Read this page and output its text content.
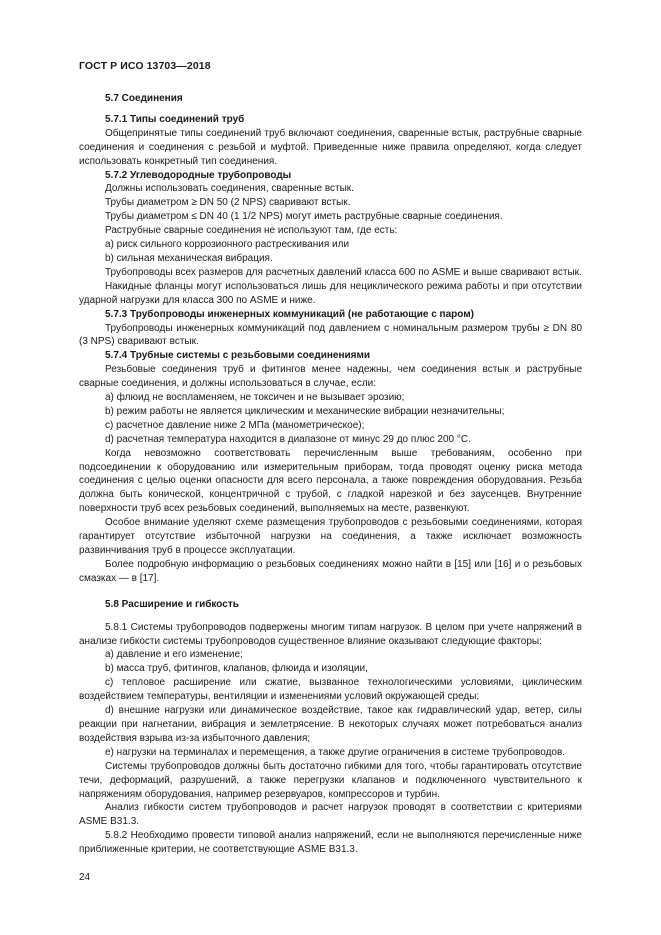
ГОСТ Р ИСО 13703—2018

5.7 Соединения

5.7.1 Типы соединений труб

Общепринятые типы соединений труб включают соединения, сваренные встык, раструбные сварные соединения и соединения с резьбой и муфтой. Приведенные ниже правила определяют, когда следует использовать конкретный тип соединения.

5.7.2 Углеводородные трубопроводы

Должны использовать соединения, сваренные встык.

Трубы диаметром ≥ DN 50 (2 NPS) сваривают встык.

Трубы диаметром ≤ DN 40 (1 1/2 NPS) могут иметь раструбные сварные соединения.

Раструбные сварные соединения не используют там, где есть:

a) риск сильного коррозионного растрескивания или

b) сильная механическая вибрация.

Трубопроводы всех размеров для расчетных давлений класса 600 по ASME и выше сваривают встык.

Накидные фланцы могут использоваться лишь для нециклического режима работы и при отсутствии ударной нагрузки для класса 300 по ASME и ниже.

5.7.3 Трубопроводы инженерных коммуникаций (не работающие с паром)

Трубопроводы инженерных коммуникаций под давлением с номинальным размером трубы ≥ DN 80 (3 NPS) сваривают встык.

5.7.4 Трубные системы с резьбовыми соединениями

Резьбовые соединения труб и фитингов менее надежны, чем соединения встык и раструбные сварные соединения, и должны использоваться в случае, если:

a) флюид не воспламеняем, не токсичен и не вызывает эрозию;

b) режим работы не является циклическим и механические вибрации незначительны;

c) расчетное давление ниже 2 МПа (манометрическое);

d) расчетная температура находится в диапазоне от минус 29 до плюс 200 °С.

Когда невозможно соответствовать перечисленным выше требованиям, особенно при подсоединении к оборудованию или измерительным приборам, тогда проводят оценку риска метода соединения с целью оценки опасности для всего персонала, а также повреждения оборудования. Резьба должна быть конической, концентричной с трубой, с гладкой нарезкой и без заусенцев. Внутренние поверхности труб всех резьбовых соединений, выполняемых на месте, развенкуют.

Особое внимание уделяют схеме размещения трубопроводов с резьбовыми соединениями, которая гарантирует отсутствие избыточной нагрузки на соединения, а также исключает возможность развинчивания труб в процессе эксплуатации.

Более подробную информацию о резьбовых соединениях можно найти в [15] или [16] и о резьбовых смазках — в [17].

5.8 Расширение и гибкость

5.8.1 Системы трубопроводов подвержены многим типам нагрузок. В целом при учете напряжений в анализе гибкости системы трубопроводов существенное влияние оказывают следующие факторы:

a) давление и его изменение;

b) масса труб, фитингов, клапанов, флюида и изоляции,

c) тепловое расширение или сжатие, вызванное технологическими условиями, циклическим воздействием температуры, вентиляции и изменениями условий окружающей среды;

d) внешние нагрузки или динамическое воздействие, такое как гидравлический удар, ветер, силы реакции при нагнетании, вибрация и землетрясение. В некоторых случаях может потребоваться анализ воздействия взрыва из-за избыточного давления;

e) нагрузки на терминалах и перемещения, а также другие ограничения в системе трубопроводов.

Системы трубопроводов должны быть достаточно гибкими для того, чтобы гарантировать отсутствие течи, деформаций, разрушений, а также перегрузки клапанов и подключенного чувствительного к напряжениям оборудования, например резервуаров, компрессоров и турбин.

Анализ гибкости систем трубопроводов и расчет нагрузок проводят в соответствии с критериями ASME B31.3.

5.8.2 Необходимо провести типовой анализ напряжений, если не выполняются перечисленные ниже приближенные критерии, не соответствующие ASME B31.3.

24
